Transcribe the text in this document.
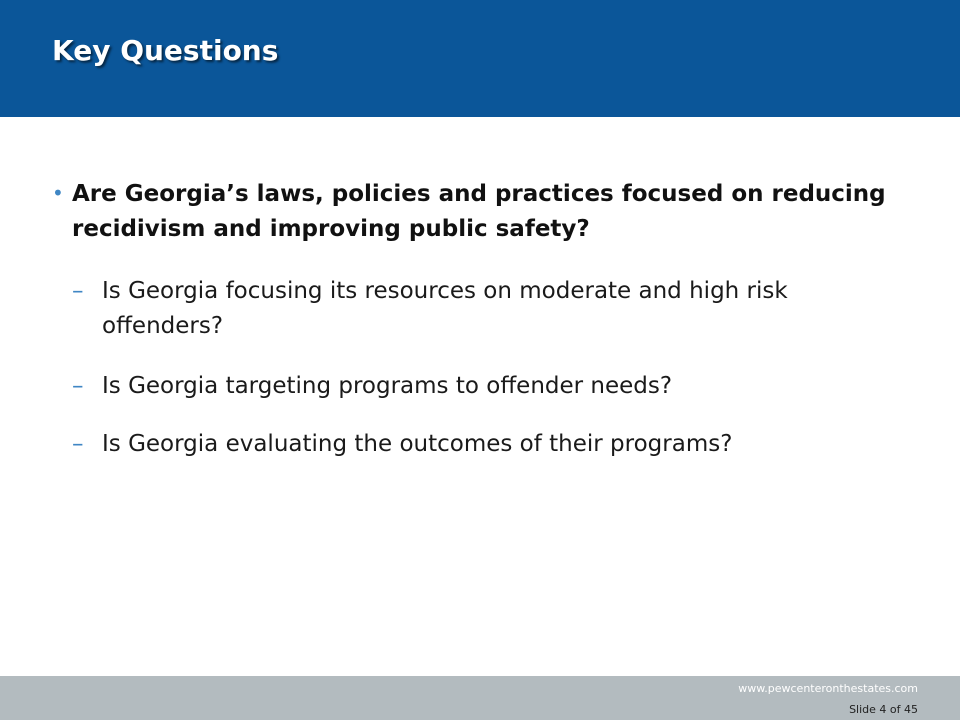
Key Questions
• Are Georgia’s laws, policies and practices focused on reducing recidivism and improving public safety?
– Is Georgia focusing its resources on moderate and high risk offenders?
– Is Georgia targeting programs to offender needs?
– Is Georgia evaluating the outcomes of their programs?
www.pewcenteronthestates.com
Slide 4 of 45
